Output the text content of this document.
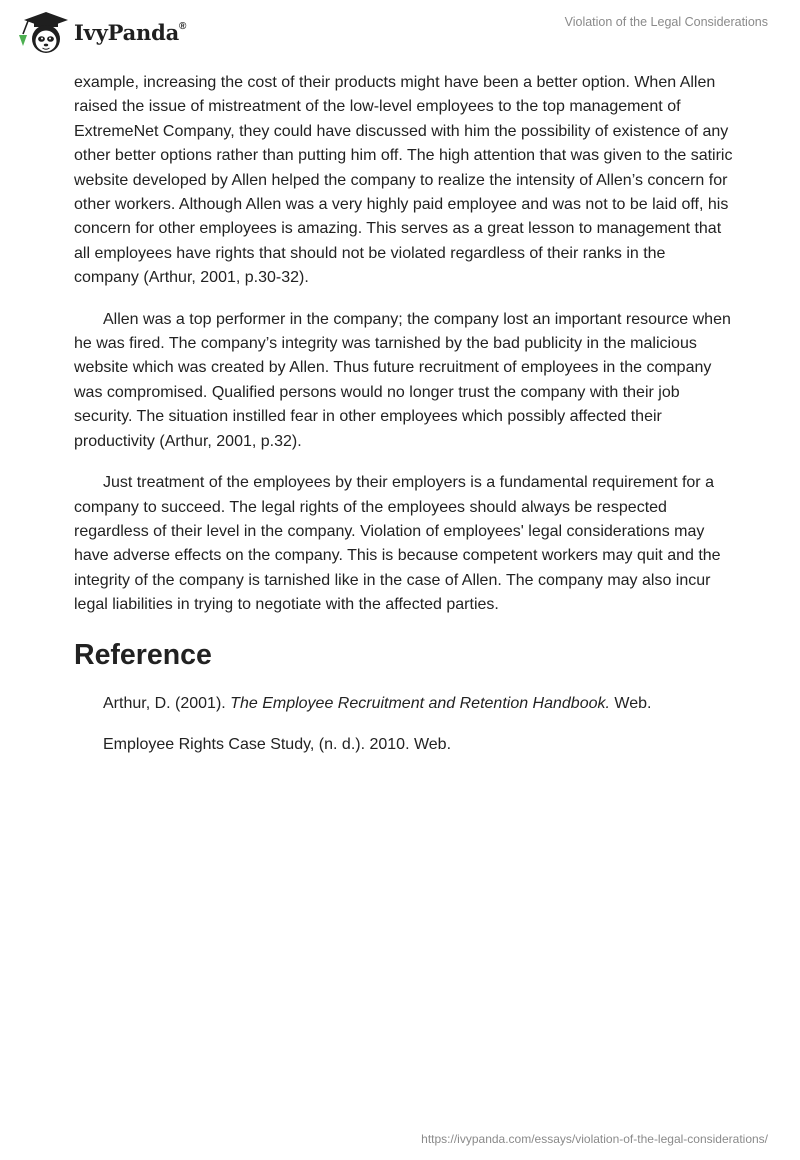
IvyPanda®	Violation of the Legal Considerations

example, increasing the cost of their products might have been a better option. When Allen raised the issue of mistreatment of the low-level employees to the top management of ExtremeNet Company, they could have discussed with him the possibility of existence of any other better options rather than putting him off. The high attention that was given to the satiric website developed by Allen helped the company to realize the intensity of Allen’s concern for other workers. Although Allen was a very highly paid employee and was not to be laid off, his concern for other employees is amazing. This serves as a great lesson to management that all employees have rights that should not be violated regardless of their ranks in the company (Arthur, 2001, p.30-32).

Allen was a top performer in the company; the company lost an important resource when he was fired. The company’s integrity was tarnished by the bad publicity in the malicious website which was created by Allen. Thus future recruitment of employees in the company was compromised. Qualified persons would no longer trust the company with their job security. The situation instilled fear in other employees which possibly affected their productivity (Arthur, 2001, p.32).

Just treatment of the employees by their employers is a fundamental requirement for a company to succeed. The legal rights of the employees should always be respected regardless of their level in the company. Violation of employees' legal considerations may have adverse effects on the company. This is because competent workers may quit and the integrity of the company is tarnished like in the case of Allen. The company may also incur legal liabilities in trying to negotiate with the affected parties.

Reference

Arthur, D. (2001). The Employee Recruitment and Retention Handbook. Web.

Employee Rights Case Study, (n. d.). 2010. Web.

https://ivypanda.com/essays/violation-of-the-legal-considerations/
